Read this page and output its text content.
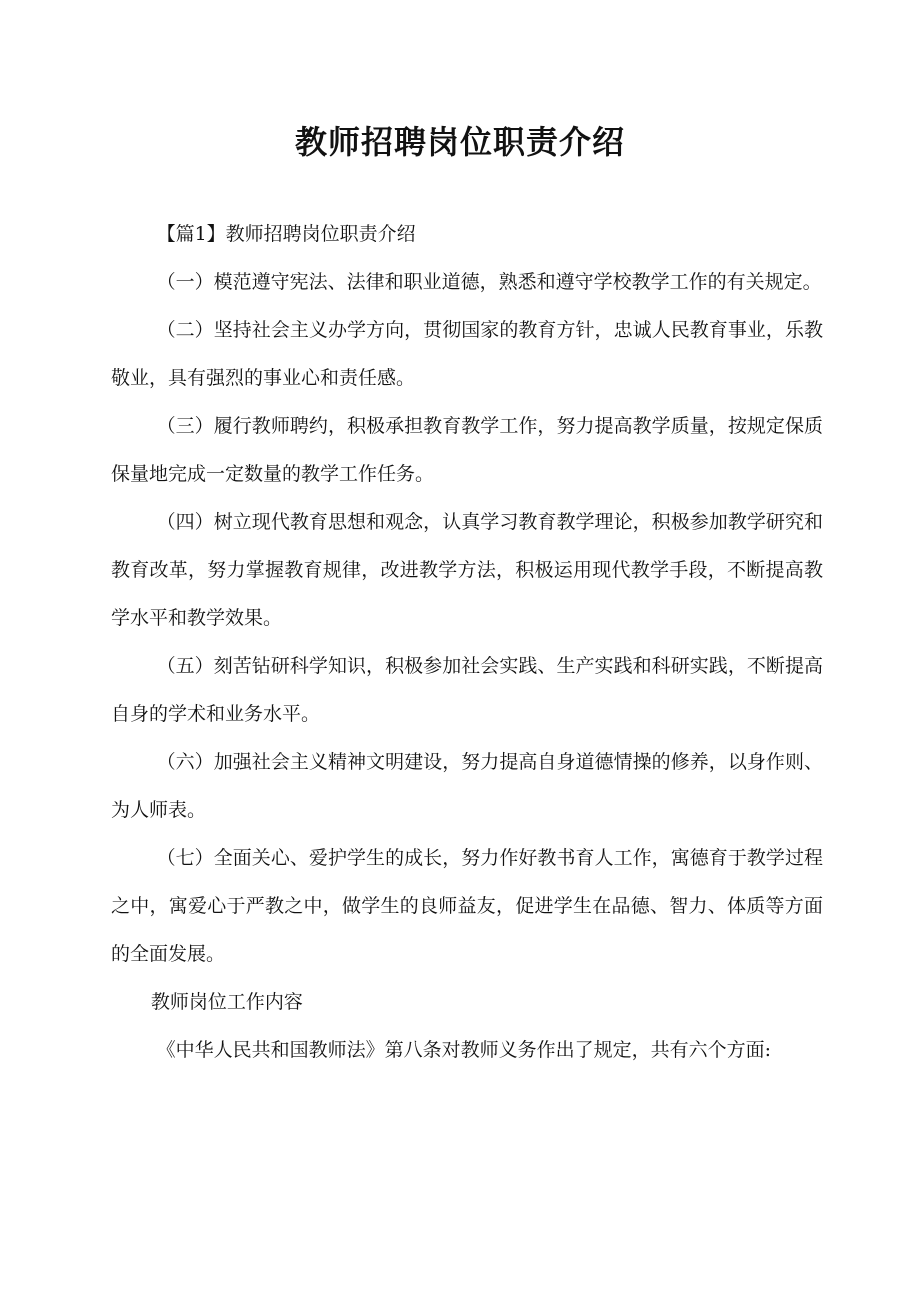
教师招聘岗位职责介绍

【篇1】教师招聘岗位职责介绍

（一）模范遵守宪法、法律和职业道德，熟悉和遵守学校教学工作的有关规定。

（二）坚持社会主义办学方向，贯彻国家的教育方针，忠诚人民教育事业，乐教敬业，具有强烈的事业心和责任感。

（三）履行教师聘约，积极承担教育教学工作，努力提高教学质量，按规定保质保量地完成一定数量的教学工作任务。

（四）树立现代教育思想和观念，认真学习教育教学理论，积极参加教学研究和教育改革，努力掌握教育规律，改进教学方法，积极运用现代教学手段，不断提高教学水平和教学效果。

（五）刻苦钻研科学知识，积极参加社会实践、生产实践和科研实践，不断提高自身的学术和业务水平。

（六）加强社会主义精神文明建设，努力提高自身道德情操的修养，以身作则、为人师表。

（七）全面关心、爱护学生的成长，努力作好教书育人工作，寓德育于教学过程之中，寓爱心于严教之中，做学生的良师益友，促进学生在品德、智力、体质等方面的全面发展。

教师岗位工作内容

《中华人民共和国教师法》第八条对教师义务作出了规定，共有六个方面:
